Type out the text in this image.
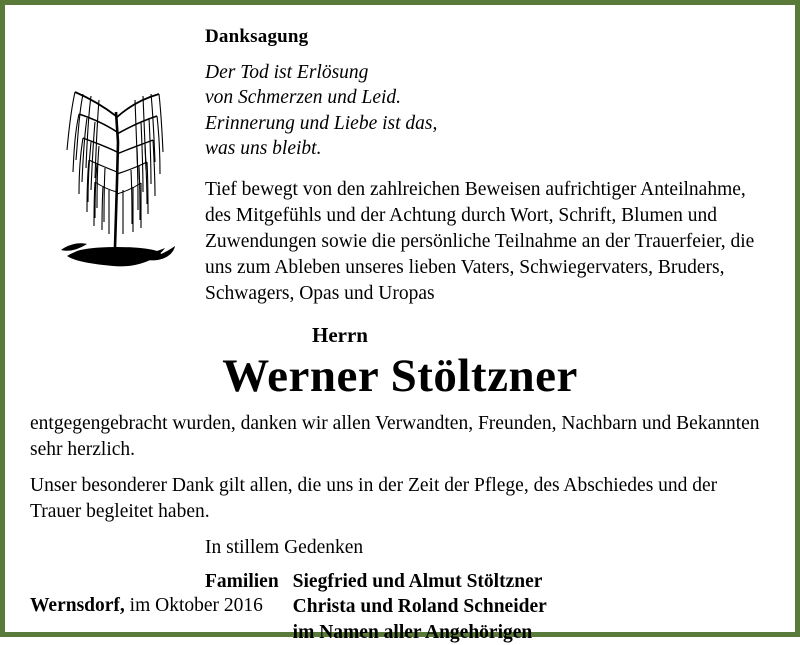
Danksagung
Der Tod ist Erlösung
von Schmerzen und Leid.
Erinnerung und Liebe ist das,
was uns bleibt.

Tief bewegt von den zahlreichen Beweisen aufrichtiger Anteilnahme, des Mitgefühls und der Achtung durch Wort, Schrift, Blumen und Zuwendungen sowie die persönliche Teilnahme an der Trauerfeier, die uns zum Ableben unseres lieben Vaters, Schwiegervaters, Bruders, Schwagers, Opas und Uropas

Herrn
Werner Stöltzner

entgegengebracht wurden, danken wir allen Verwandten, Freunden, Nachbarn und Bekannten sehr herzlich.

Unser besonderer Dank gilt allen, die uns in der Zeit der Pflege, des Abschiedes und der Trauer begleitet haben.

In stillem Gedenken
Familien Siegfried und Almut Stöltzner
Christa und Roland Schneider
im Namen aller Angehörigen
Wernsdorf, im Oktober 2016
